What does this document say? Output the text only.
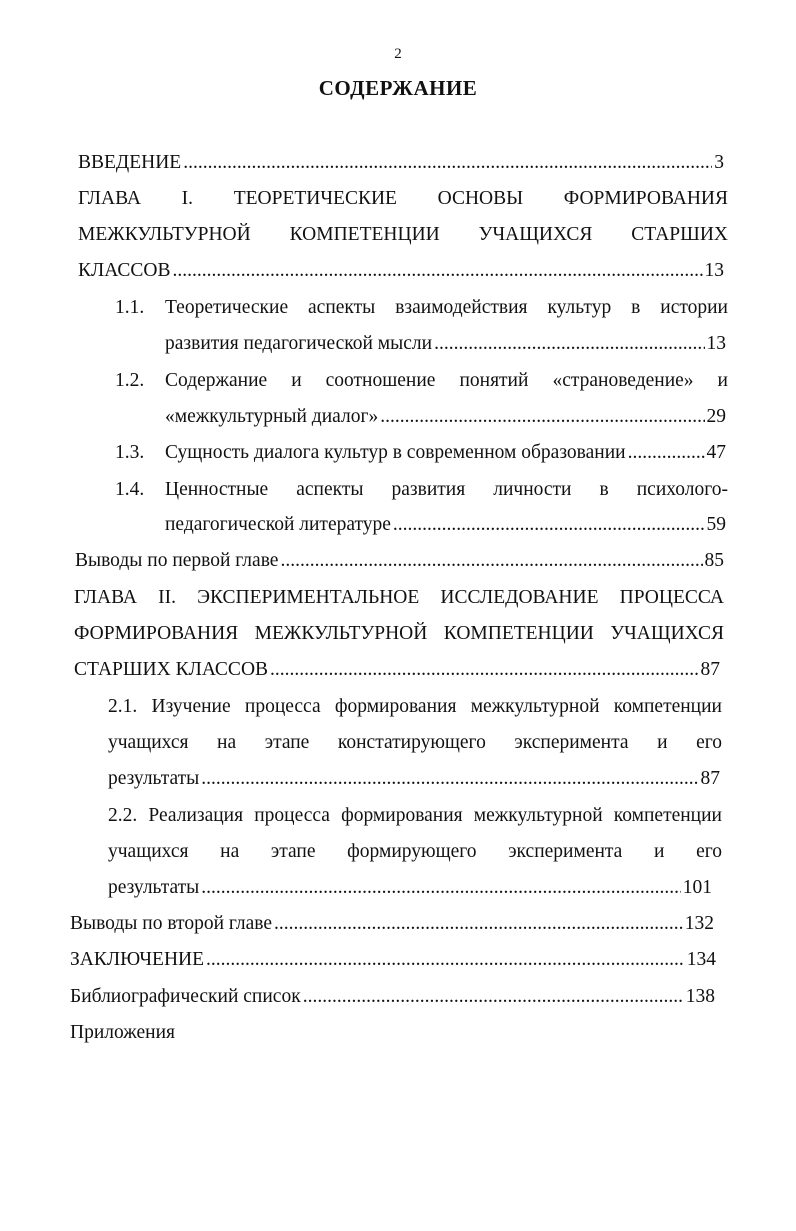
2
СОДЕРЖАНИЕ
ВВЕДЕНИЕ .....	3
ГЛАВА I. ТЕОРЕТИЧЕСКИЕ ОСНОВЫ ФОРМИРОВАНИЯ
МЕЖКУЛЬТУРНОЙ КОМПЕТЕНЦИИ УЧАЩИХСЯ СТАРШИХ
КЛАССОВ .....	13
1.1. Теоретические аспекты взаимодействия культур в истории
развития педагогической мысли .....	13
1.2. Содержание и соотношение понятий «страноведение» и
«межкультурный диалог» .....	29
1.3. Сущность диалога культур в современном образовании .....	47
1.4. Ценностные аспекты развития личности в психолого-
педагогической литературе .....	59
Выводы по первой главе .....	85
ГЛАВА II. ЭКСПЕРИМЕНТАЛЬНОЕ ИССЛЕДОВАНИЕ ПРОЦЕССА
ФОРМИРОВАНИЯ МЕЖКУЛЬТУРНОЙ КОМПЕТЕНЦИИ УЧАЩИХСЯ
СТАРШИХ КЛАССОВ .....	87
2.1. Изучение процесса формирования межкультурной компетенции
учащихся на этапе констатирующего эксперимента и его
результаты .....	87
2.2. Реализация процесса формирования межкультурной компетенции
учащихся на этапе формирующего эксперимента и его
результаты .....	101
Выводы по второй главе .....	132
ЗАКЛЮЧЕНИЕ .....	134
Библиографический список .....	138
Приложения
